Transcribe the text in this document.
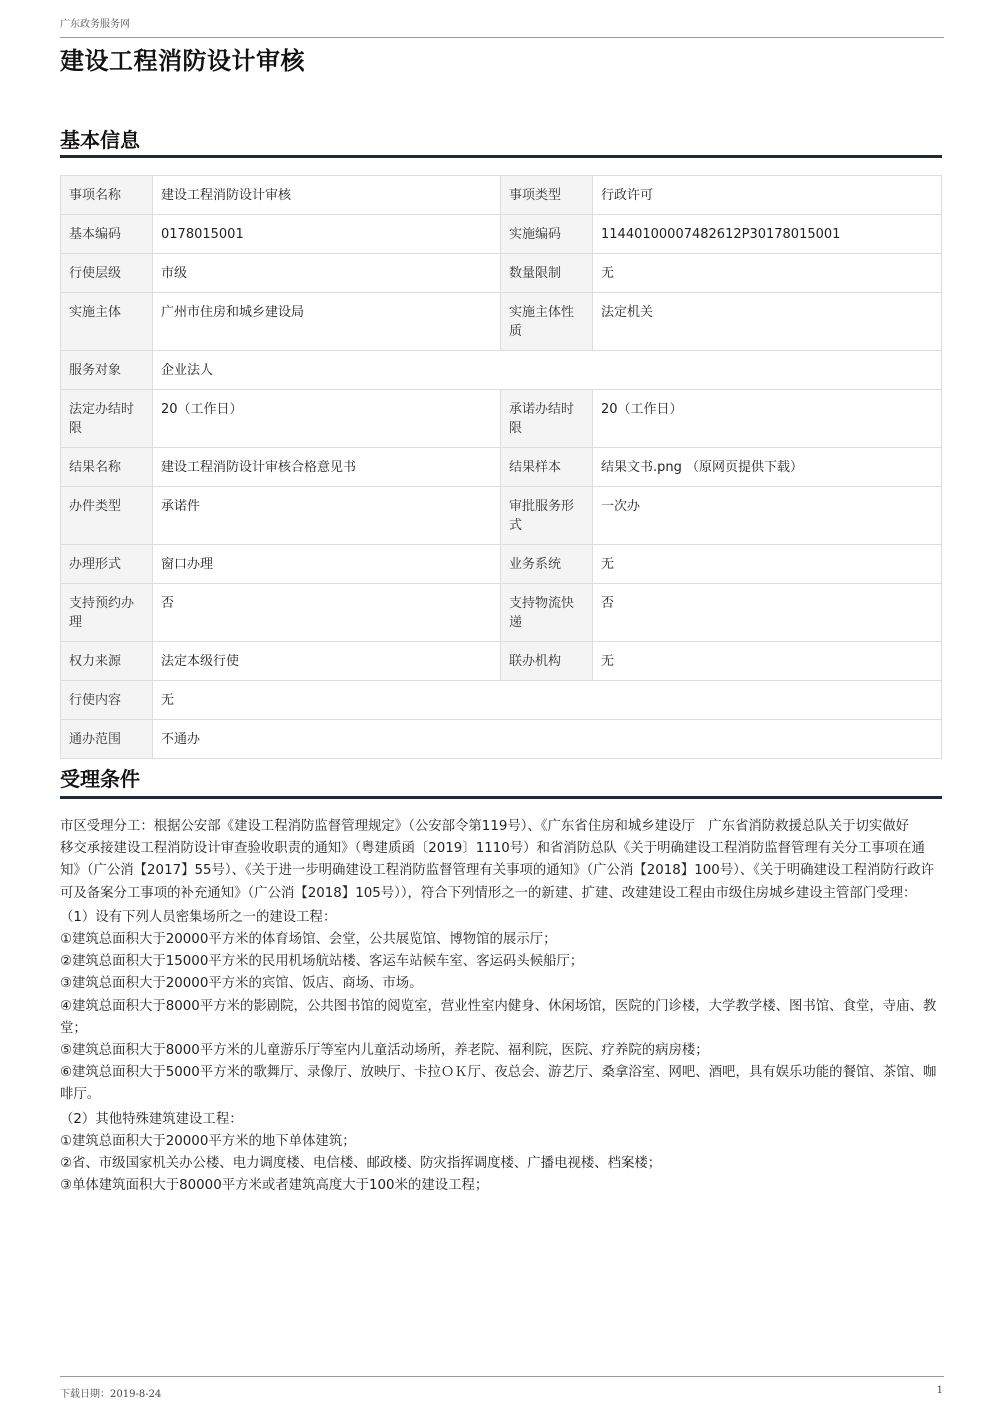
广东政务服务网
建设工程消防设计审核
基本信息
事项名称	建设工程消防设计审核	事项类型	行政许可
基本编码	0178015001	实施编码	11440100007482612P30178015001
行使层级	市级	数量限制	无
实施主体	广州市住房和城乡建设局	实施主体性质	法定机关
服务对象	企业法人		
法定办结时限	20（工作日）	承诺办结时限	20（工作日）
结果名称	建设工程消防设计审核合格意见书	结果样本	结果文书.png （原网页提供下载）
办件类型	承诺件	审批服务形式	一次办
办理形式	窗口办理	业务系统	无
支持预约办理	否	支持物流快递	否
权力来源	法定本级行使	联办机构	无
行使内容	无		
通办范围	不通办		
受理条件

市区受理分工：根据公安部《建设工程消防监督管理规定》（公安部令第119号）、《广东省住房和城乡建设厅　广东省消防救援总队关于切实做好

移交承接建设工程消防设计审查验收职责的通知》（粤建质函〔2019〕1110号）和省消防总队《关于明确建设工程消防监督管理有关分工事项在通知》（广公消【2017】55号）、《关于进一步明确建设工程消防监督管理有关事项的通知》（广公消【2018】100号）、《关于明确建设工程消防行政许可及备案分工事项的补充通知》（广公消【2018】105号）），符合下列情形之一的新建、扩建、改建建设工程由市级住房城乡建设主管部门受理：

（1）设有下列人员密集场所之一的建设工程：

①建筑总面积大于20000平方米的体育场馆、会堂，公共展览馆、博物馆的展示厅；

②建筑总面积大于15000平方米的民用机场航站楼、客运车站候车室、客运码头候船厅；

③建筑总面积大于20000平方米的宾馆、饭店、商场、市场。

④建筑总面积大于8000平方米的影剧院，公共图书馆的阅览室，营业性室内健身、休闲场馆，医院的门诊楼，大学教学楼、图书馆、食堂，寺庙、教堂；

⑤建筑总面积大于8000平方米的儿童游乐厅等室内儿童活动场所，养老院、福利院，医院、疗养院的病房楼；

⑥建筑总面积大于5000平方米的歌舞厅、录像厅、放映厅、卡拉ＯＫ厅、夜总会、游艺厅、桑拿浴室、网吧、酒吧，具有娱乐功能的餐馆、茶馆、咖啡厅。

（2）其他特殊建筑建设工程：

①建筑总面积大于20000平方米的地下单体建筑；

②省、市级国家机关办公楼、电力调度楼、电信楼、邮政楼、防灾指挥调度楼、广播电视楼、档案楼；

③单体建筑面积大于80000平方米或者建筑高度大于100米的建设工程；

下载日期：2019-8-24	1
